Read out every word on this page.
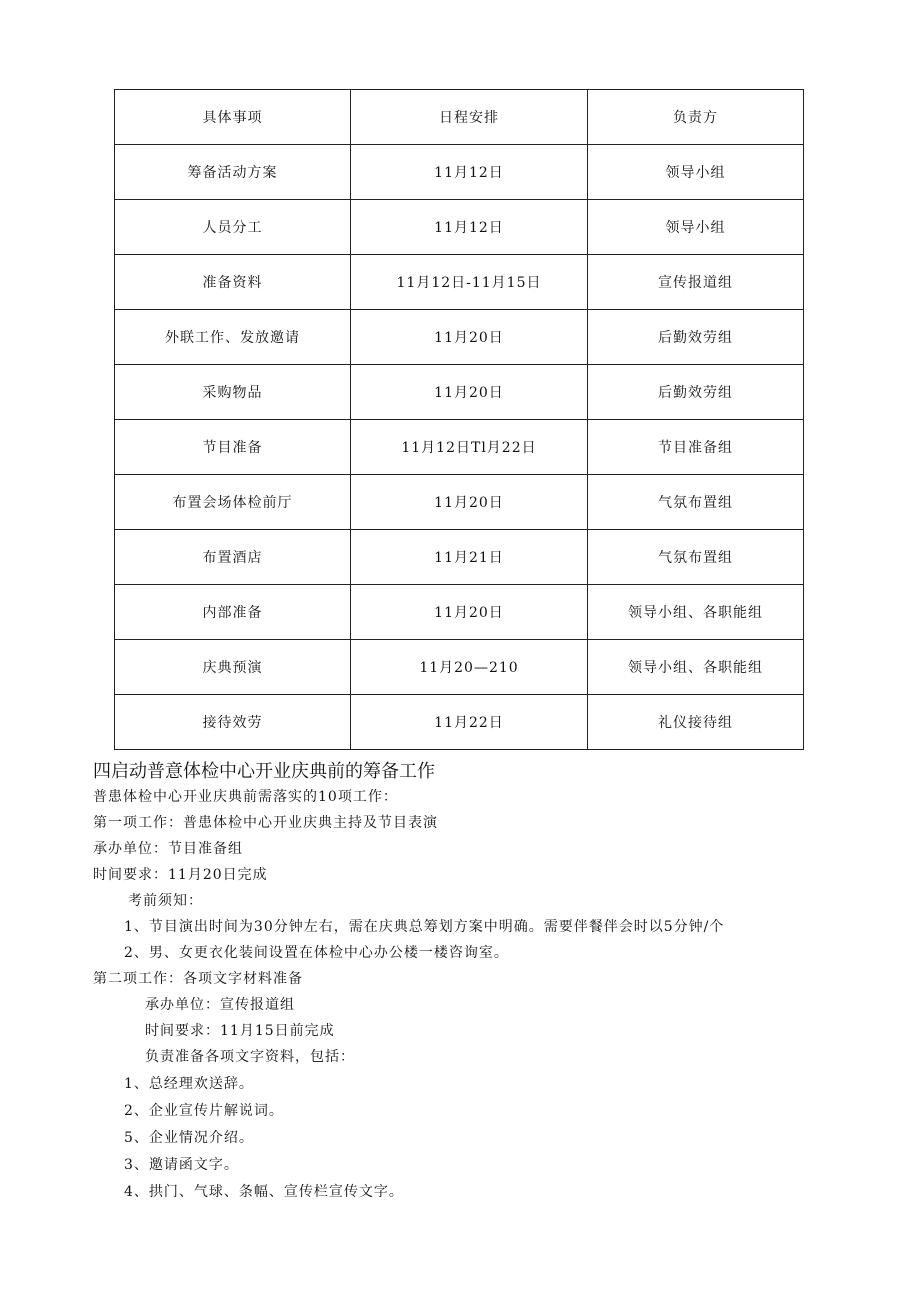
具体事项	日程安排	负责方
筹备活动方案	11月12日	领导小组
人员分工	11月12日	领导小组
准备资料	11月12日-11月15日	宣传报道组
外联工作、发放邀请	11月20日	后勤效劳组
采购物品	11月20日	后勤效劳组
节目准备	11月12日Tl月22日	节目准备组
布置会场体检前厅	11月20日	气氛布置组
布置酒店	11月21日	气氛布置组
内部准备	11月20日	领导小组、各职能组
庆典预演	11月20—210	领导小组、各职能组
接待效劳	11月22日	礼仪接待组
四启动普意体检中心开业庆典前的筹备工作
普患体检中心开业庆典前需落实的10项工作：
第一项工作：普患体检中心开业庆典主持及节目表演
承办单位：节目准备组
时间要求：11月20日完成
考前须知：
1、节目演出时间为30分钟左右，需在庆典总筹划方案中明确。需要伴餐伴会时以5分钟/个
2、男、女更衣化装间设置在体检中心办公楼一楼咨询室。
第二项工作：各项文字材料准备
承办单位：宣传报道组
时间要求：11月15日前完成
负责准备各项文字资料，包括：
1、总经理欢送辞。
2、企业宣传片解说词。
5、企业情况介绍。
3、邀请函文字。
4、拱门、气球、条幅、宣传栏宣传文字。
